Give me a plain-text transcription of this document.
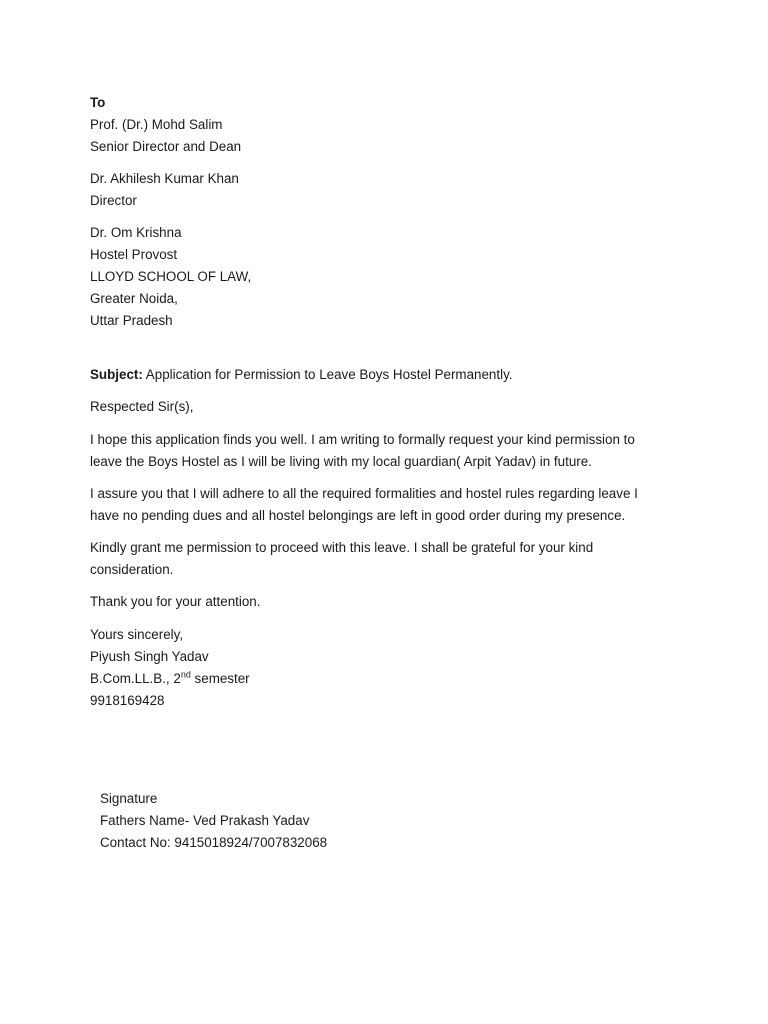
To
Prof. (Dr.) Mohd Salim
Senior Director and Dean
Dr. Akhilesh Kumar Khan
Director
Dr. Om Krishna
Hostel Provost
LLOYD SCHOOL OF LAW,
Greater Noida,
Uttar Pradesh
Subject: Application for Permission to Leave Boys Hostel Permanently.
Respected Sir(s),
I hope this application finds you well. I am writing to formally request your kind permission to
leave the Boys Hostel as I will be living with my local guardian( Arpit Yadav) in future.
I assure you that I will adhere to all the required formalities and hostel rules regarding leave I
have no pending dues and all hostel belongings are left in good order during my presence.
Kindly grant me permission to proceed with this leave. I shall be grateful for your kind
consideration.
Thank you for your attention.
Yours sincerely,
Piyush Singh Yadav
B.Com.LL.B., 2nd semester
9918169428
Signature
Fathers Name- Ved Prakash Yadav
Contact No: 9415018924/7007832068
